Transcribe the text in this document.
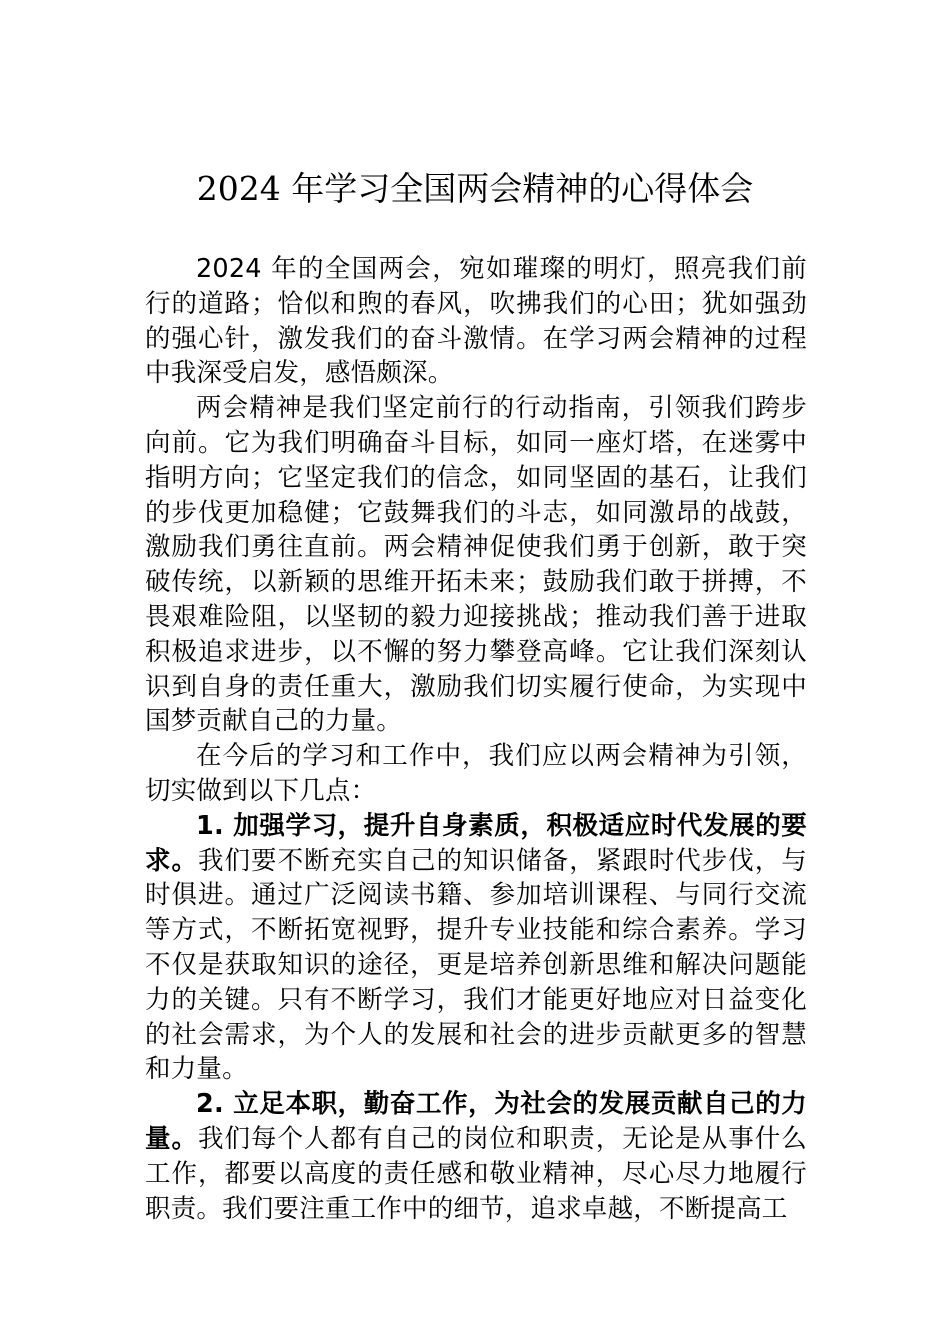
2024 年学习全国两会精神的心得体会

2024 年的全国两会，宛如璀璨的明灯，照亮我们前行的道路；恰似和煦的春风，吹拂我们的心田；犹如强劲的强心针，激发我们的奋斗激情。在学习两会精神的过程中我深受启发，感悟颇深。

两会精神是我们坚定前行的行动指南，引领我们跨步向前。它为我们明确奋斗目标，如同一座灯塔，在迷雾中指明方向；它坚定我们的信念，如同坚固的基石，让我们的步伐更加稳健；它鼓舞我们的斗志，如同激昂的战鼓，激励我们勇往直前。两会精神促使我们勇于创新，敢于突破传统，以新颖的思维开拓未来；鼓励我们敢于拼搏，不畏艰难险阻，以坚韧的毅力迎接挑战；推动我们善于进取积极追求进步，以不懈的努力攀登高峰。它让我们深刻认识到自身的责任重大，激励我们切实履行使命，为实现中国梦贡献自己的力量。

在今后的学习和工作中，我们应以两会精神为引领，切实做到以下几点：

1. 加强学习，提升自身素质，积极适应时代发展的要求。我们要不断充实自己的知识储备，紧跟时代步伐，与时俱进。通过广泛阅读书籍、参加培训课程、与同行交流等方式，不断拓宽视野，提升专业技能和综合素养。学习不仅是获取知识的途径，更是培养创新思维和解决问题能力的关键。只有不断学习，我们才能更好地应对日益变化的社会需求，为个人的发展和社会的进步贡献更多的智慧和力量。

2. 立足本职，勤奋工作，为社会的发展贡献自己的力量。我们每个人都有自己的岗位和职责，无论是从事什么工作，都要以高度的责任感和敬业精神，尽心尽力地履行职责。我们要注重工作中的细节，追求卓越，不断提高工
